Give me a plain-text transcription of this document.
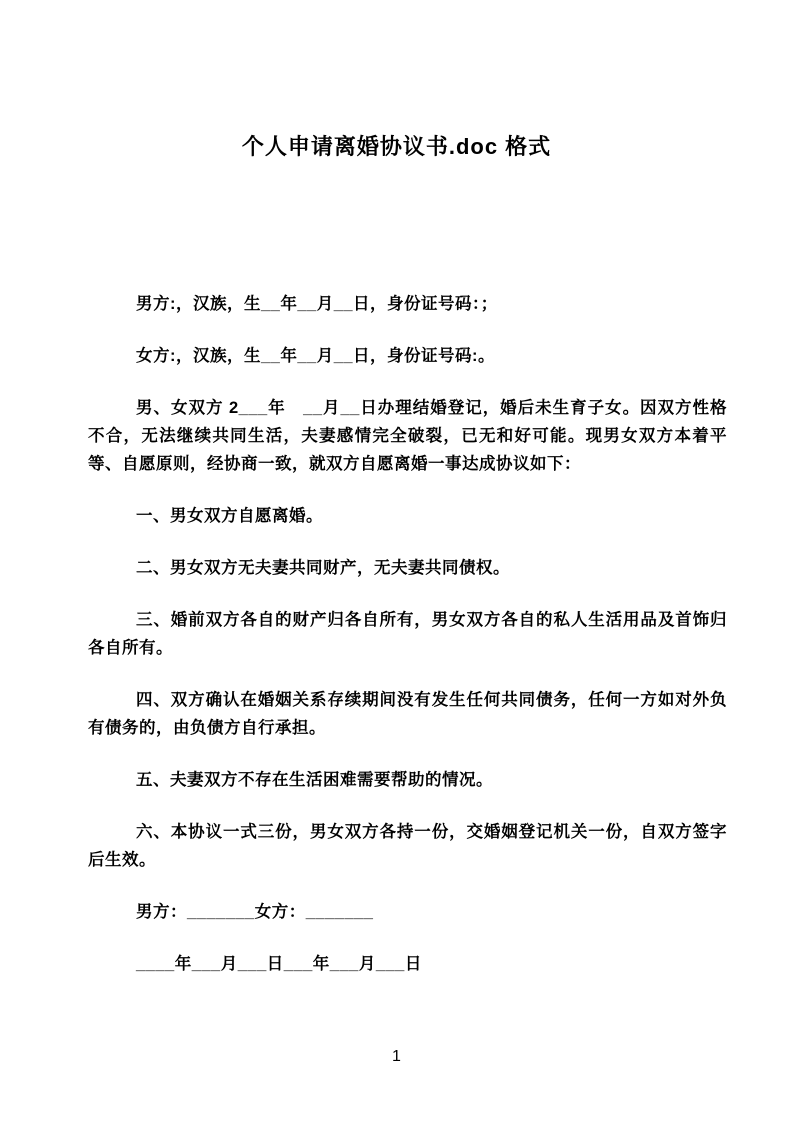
个人申请离婚协议书.doc 格式

男方:，汉族，生__年__月__日，身份证号码：；

女方:，汉族，生__年__月__日，身份证号码:。

男、女双方 2___年　__月__日办理结婚登记，婚后未生育子女。因双方性格不合，无法继续共同生活，夫妻感情完全破裂，已无和好可能。现男女双方本着平等、自愿原则，经协商一致，就双方自愿离婚一事达成协议如下：

一、男女双方自愿离婚。

二、男女双方无夫妻共同财产，无夫妻共同债权。

三、婚前双方各自的财产归各自所有，男女双方各自的私人生活用品及首饰归各自所有。

四、双方确认在婚姻关系存续期间没有发生任何共同债务，任何一方如对外负有债务的，由负债方自行承担。

五、夫妻双方不存在生活困难需要帮助的情况。

六、本协议一式三份，男女双方各持一份，交婚姻登记机关一份，自双方签字后生效。

男方：_______女方：_______

____年___月___日___年___月___日

1
